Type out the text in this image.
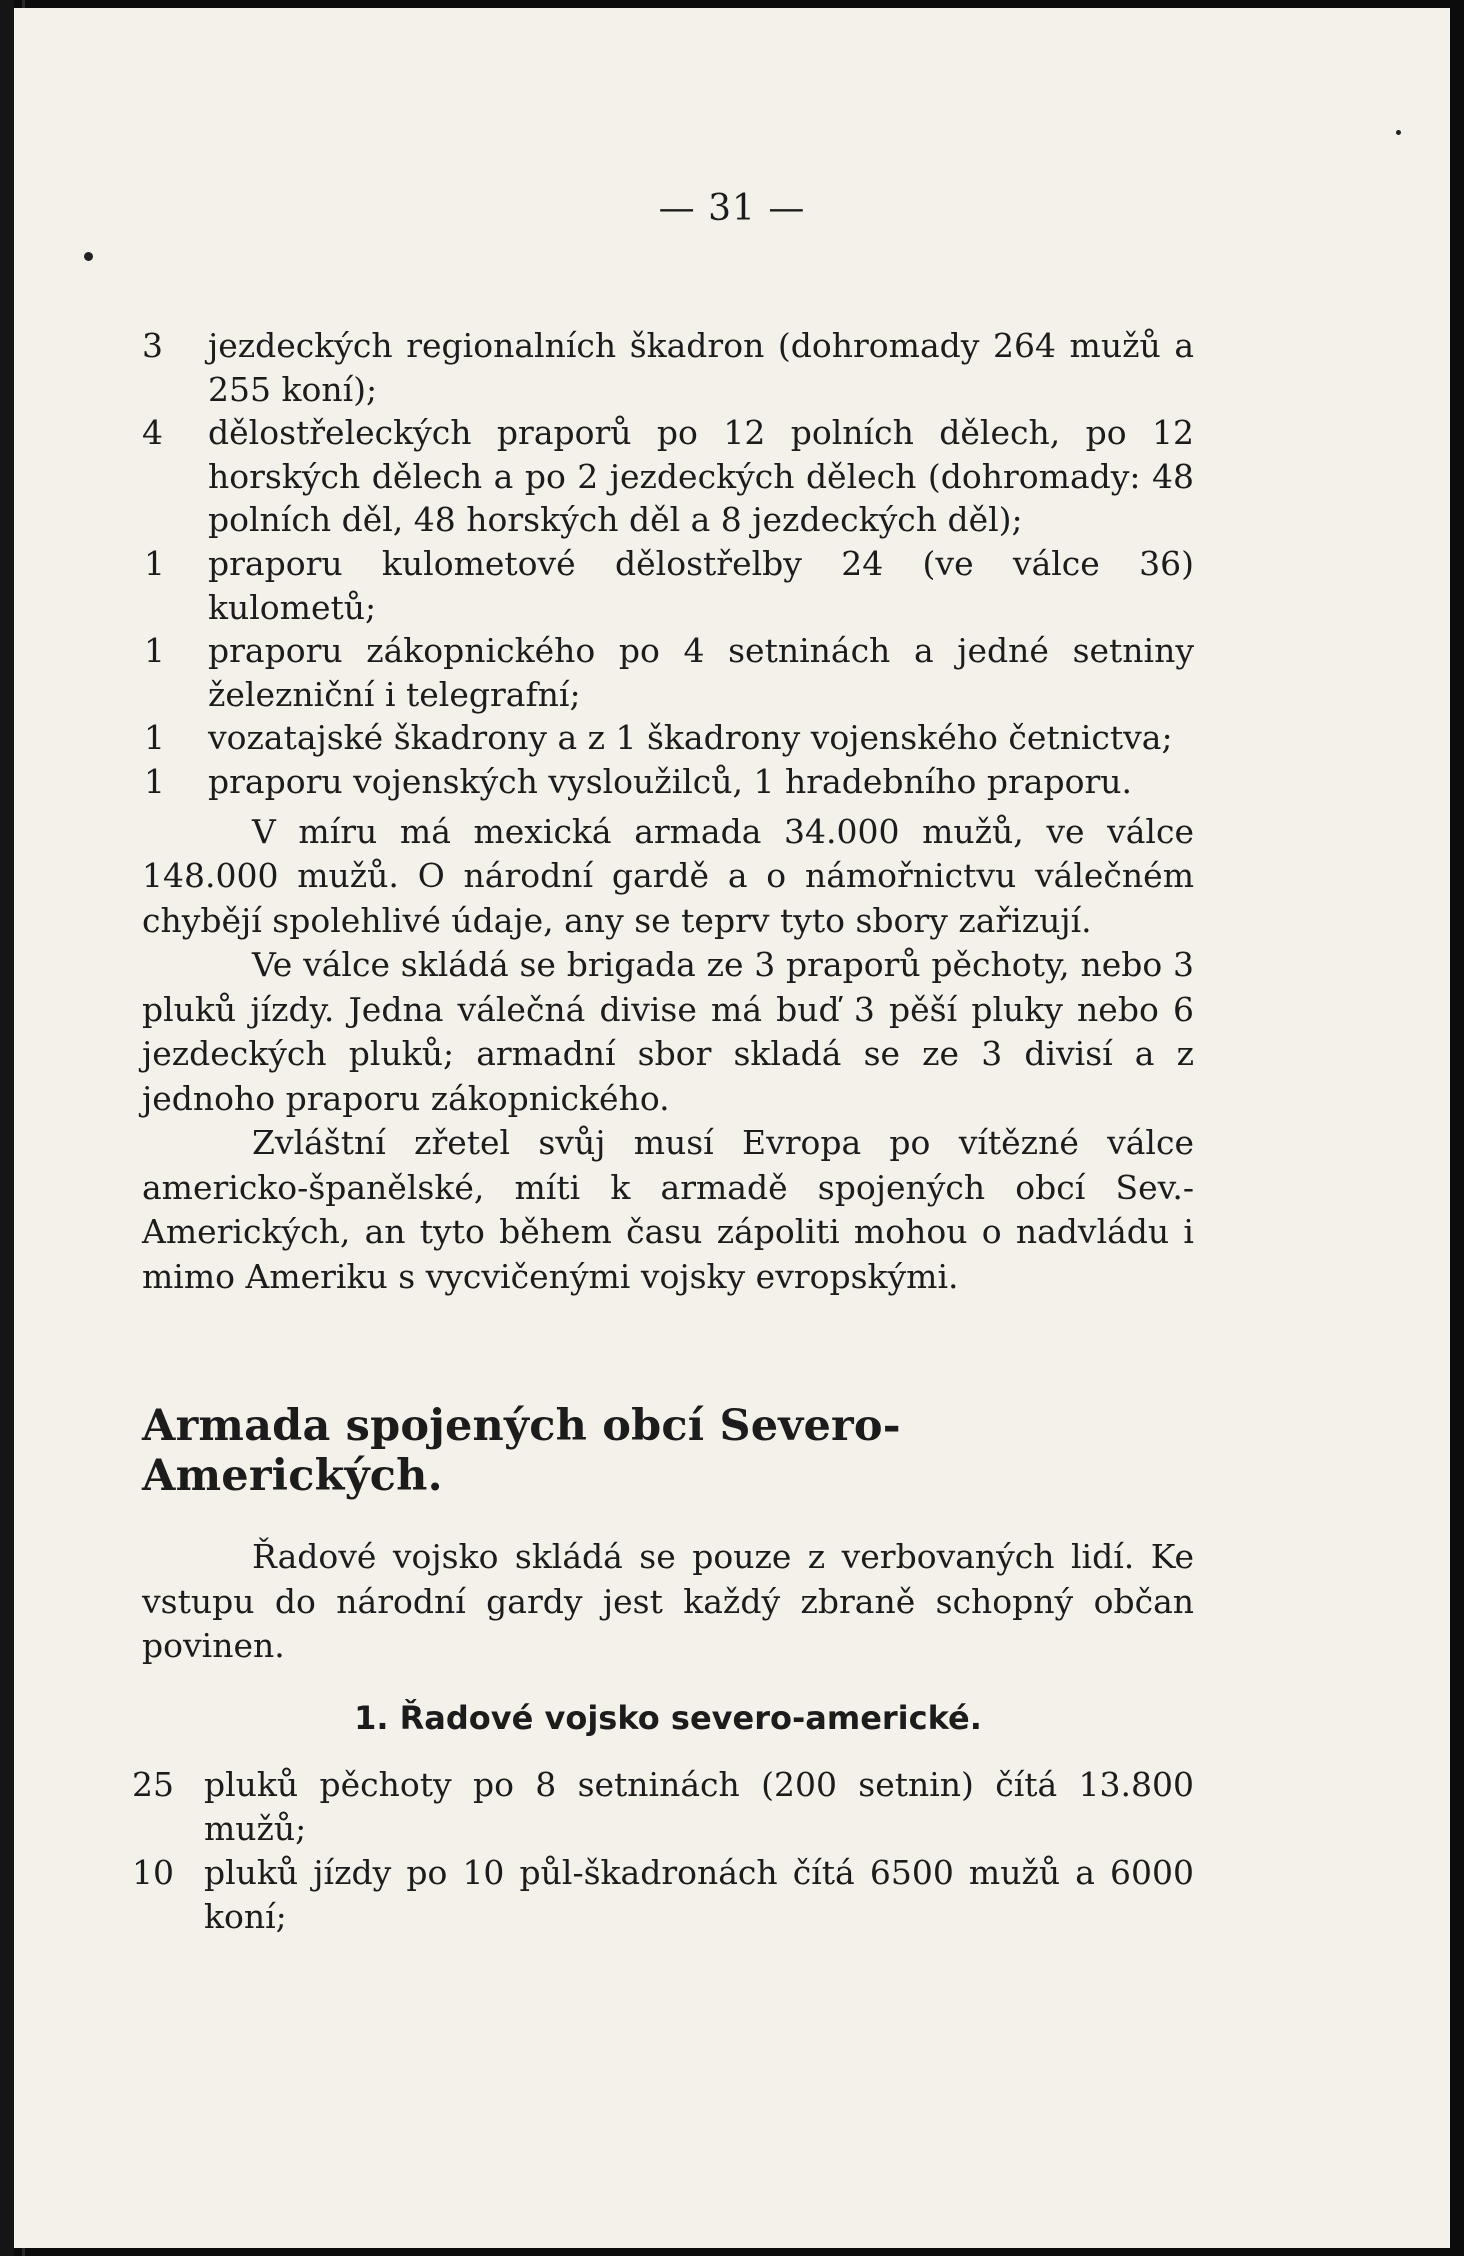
— 31 —
3	jezdeckých regionalních škadron (dohromady 264 mužů a 255 koní);
4	dělostřeleckých praporů po 12 polních dělech, po 12 horských dělech a po 2 jezdeckých dělech (dohromady: 48 polních děl, 48 horských děl a 8 jezdeckých děl);
1	praporu kulometové dělostřelby 24 (ve válce 36) kulometů;
1	praporu zákopnického po 4 setninách a jedné setniny železniční i telegrafní;
1	vozatajské škadrony a z 1 škadrony vojenského četnictva;
1	praporu vojenských vysloužilců, 1 hradebního praporu.

V míru má mexická armada 34.000 mužů, ve válce 148.000 mužů. O národní gardě a o námořnictvu válečném chybějí spolehlivé údaje, any se teprv tyto sbory zařizují.

Ve válce skládá se brigada ze 3 praporů pěchoty, nebo 3 pluků jízdy. Jedna válečná divise má buď 3 pěší pluky nebo 6 jezdeckých pluků; armadní sbor skladá se ze 3 divisí a z jednoho praporu zákopnického.

Zvláštní zřetel svůj musí Evropa po vítězné válce americko-španělské, míti k armadě spojených obcí Sev.-Amerických, an tyto během času zápoliti mohou o nadvládu i mimo Ameriku s vycvičenými vojsky evropskými.

Armada spojených obcí Severo-Amerických.

Řadové vojsko skládá se pouze z verbovaných lidí. Ke vstupu do národní gardy jest každý zbraně schopný občan povinen.

1. Řadové vojsko severo-americké.
25 pluků pěchoty po 8 setninách (200 setnin) čítá 13.800 mužů;
10 pluků jízdy po 10 půl-škadronách čítá 6500 mužů a 6000 koní;
